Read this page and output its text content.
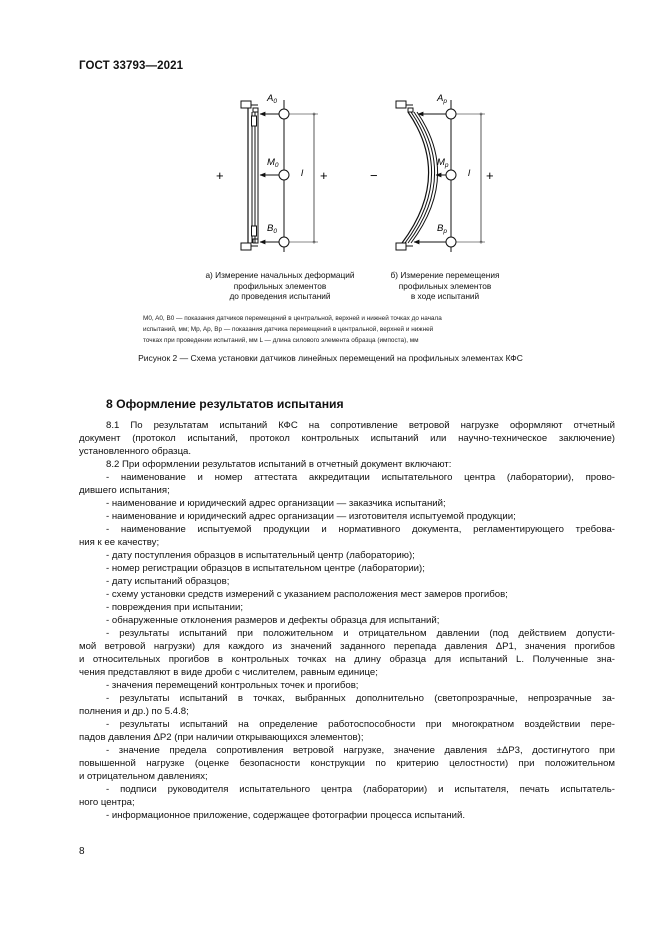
ГОСТ 33793—2021
$A_0$
$M_0$
$B_0$
l
+	+
$A_p$
$M_p$
$B_p$
l
−	+
а) Измерение начальных деформаций
профильных элементов
до проведения испытаний
б) Измерение перемещения
профильных элементов
в ходе испытаний
M0, A0, B0 — показания датчиков перемещений в центральной, верхней и нижней точках до начала
испытаний, мм; Mp, Ap, Bp — показания датчика перемещений в центральной, верхней и нижней
точках при проведении испытаний, мм L — длина силового элемента образца (импоста), мм
Рисунок 2 — Схема установки датчиков линейных перемещений на профильных элементах КФС
8 Оформление результатов испытания

8.1 По результатам испытаний КФС на сопротивление ветровой нагрузке оформляют отчетный

документ (протокол испытаний, протокол контрольных испытаний или научно-техническое заключение)

установленного образца.

8.2 При оформлении результатов испытаний в отчетный документ включают:

- наименование и номер аттестата аккредитации испытательного центра (лаборатории), прово-

дившего испытания;

- наименование и юридический адрес организации — заказчика испытаний;

- наименование и юридический адрес организации — изготовителя испытуемой продукции;

- наименование испытуемой продукции и нормативного документа, регламентирующего требова-

ния к ее качеству;

- дату поступления образцов в испытательный центр (лабораторию);

- номер регистрации образцов в испытательном центре (лаборатории);

- дату испытаний образцов;

- схему установки средств измерений с указанием расположения мест замеров прогибов;

- повреждения при испытании;

- обнаруженные отклонения размеров и дефекты образца для испытаний;

- результаты испытаний при положительном и отрицательном давлении (под действием допусти-

мой ветровой нагрузки) для каждого из значений заданного перепада давления ΔP1, значения прогибов

и относительных прогибов в контрольных точках на длину образца для испытаний L. Полученные зна-

чения представляют в виде дроби с числителем, равным единице;

- значения перемещений контрольных точек и прогибов;

- результаты испытаний в точках, выбранных дополнительно (светопрозрачные, непрозрачные за-

полнения и др.) по 5.4.8;

- результаты испытаний на определение работоспособности при многократном воздействии пере-

падов давления ΔP2 (при наличии открывающихся элементов);

- значение предела сопротивления ветровой нагрузке, значение давления ±ΔP3, достигнутого при

повышенной нагрузке (оценке безопасности конструкции по критерию целостности) при положительном

и отрицательном давлениях;

- подписи руководителя испытательного центра (лаборатории) и испытателя, печать испытатель-

ного центра;

- информационное приложение, содержащее фотографии процесса испытаний.

8
